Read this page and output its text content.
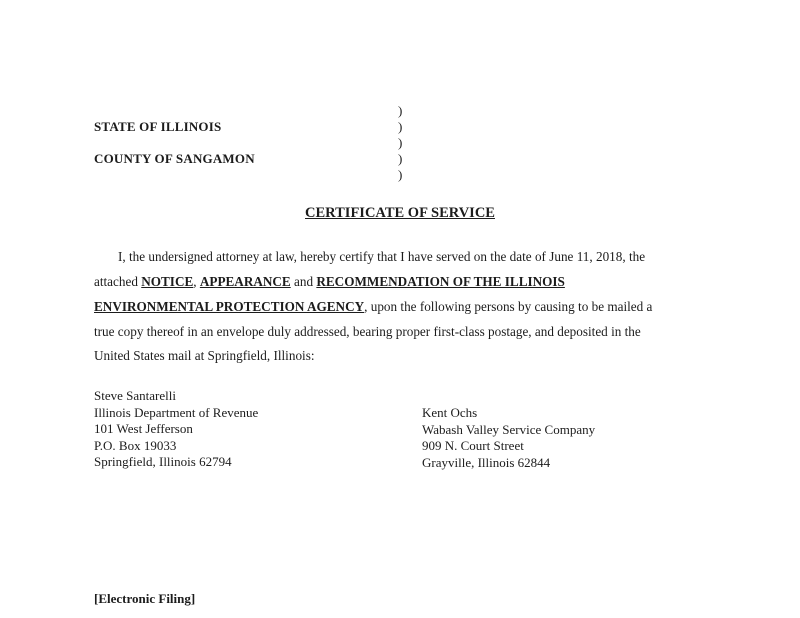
)
STATE OF ILLINOIS	)
)
COUNTY OF SANGAMON	)
)
CERTIFICATE OF SERVICE
I, the undersigned attorney at law, hereby certify that I have served on the date of June 11, 2018, the
attached NOTICE, APPEARANCE and RECOMMENDATION OF THE ILLINOIS
ENVIRONMENTAL PROTECTION AGENCY, upon the following persons by causing to be mailed a
true copy thereof in an envelope duly addressed, bearing proper first-class postage, and deposited in the
United States mail at Springfield, Illinois:
Steve Santarelli
Illinois Department of Revenue
101 West Jefferson
P.O. Box 19033
Springfield, Illinois 62794
Kent Ochs
Wabash Valley Service Company
909 N. Court Street
Grayville, Illinois 62844
[Electronic Filing]
